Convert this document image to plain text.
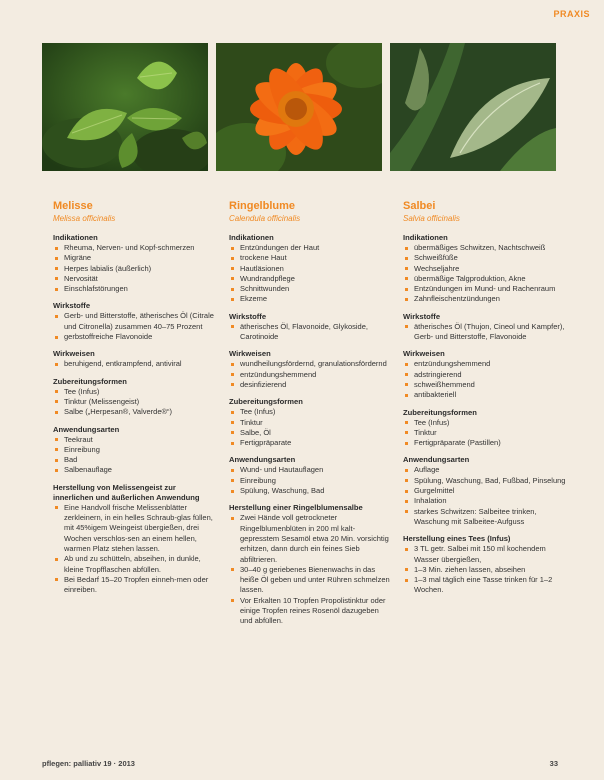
PRAXIS
Melisse
Melissa officinalis
Indikationen
Rheuma, Nerven- und Kopf-schmerzen
Migräne
Herpes labialis (äußerlich)
Nervosität
Einschlafstörungen
Wirkstoffe
Gerb- und Bitterstoffe, ätherisches Öl (Citrale und Citronella) zusammen 40–75 Prozent
gerbstoffreiche Flavonoide
Wirkweisen
beruhigend, entkrampfend, antiviral
Zubereitungsformen
Tee (Infus)
Tinktur (Melissengeist)
Salbe („Herpesan®, Valverde®“)
Anwendungsarten
Teekraut
Einreibung
Bad
Salbenauflage
Herstellung von Melissengeist zur innerlichen und äußerlichen Anwendung
Eine Handvoll frische Melissenblätter zerkleinern, in ein helles Schraub-glas füllen, mit 45%igem Weingeist übergießen, drei Wochen verschlos-sen an einem hellen, warmen Platz stehen lassen.
Ab und zu schütteln, abseihen, in dunkle, kleine Tropfflaschen abfüllen.
Bei Bedarf 15–20 Tropfen einneh-men oder einreiben.
Ringelblume
Calendula officinalis
Indikationen
Entzündungen der Haut
trockene Haut
Hautläsionen
Wundrandpflege
Schnittwunden
Ekzeme
Wirkstoffe
ätherisches Öl, Flavonoide, Glykoside, Carotinoide
Wirkweisen
wundheilungsfördernd, granulationsfördernd
entzündungshemmend
desinfizierend
Zubereitungsformen
Tee (Infus)
Tinktur
Salbe, Öl
Fertigpräparate
Anwendungsarten
Wund- und Hautauflagen
Einreibung
Spülung, Waschung, Bad
Herstellung einer Ringelblumensalbe
Zwei Hände voll getrockneter Ringelblumenblüten in 200 ml kalt-gepresstem Sesamöl etwa 20 Min. vorsichtig erhitzen, dann durch ein feines Sieb abfiltrieren.
30–40 g geriebenes Bienenwachs in das heiße Öl geben und unter Rühren schmelzen lassen.
Vor Erkalten 10 Tropfen Propolistinktur oder einige Tropfen reines Rosenöl dazugeben und abfüllen.
Salbei
Salvia officinalis
Indikationen
übermäßiges Schwitzen, Nachtschweiß
Schweißfüße
Wechseljahre
übermäßige Talgproduktion, Akne
Entzündungen im Mund- und Rachenraum
Zahnfleischentzündungen
Wirkstoffe
ätherisches Öl (Thujon, Cineol und Kampfer), Gerb- und Bitterstoffe, Flavonoide
Wirkweisen
entzündungshemmend
adstringierend
schweißhemmend
antibakteriell
Zubereitungsformen
Tee (Infus)
Tinktur
Fertigpräparate (Pastillen)
Anwendungsarten
Auflage
Spülung, Waschung, Bad, Fußbad, Pinselung
Gurgelmittel
Inhalation
starkes Schwitzen: Salbeitee trinken, Waschung mit Salbeitee-Aufguss
Herstellung eines Tees (Infus)
3 TL getr. Salbei mit 150 ml kochendem Wasser übergießen,
1–3 Min. ziehen lassen, abseihen
1–3 mal täglich eine Tasse trinken für 1–2 Wochen.
pflegen: palliativ 19 · 2013	33
